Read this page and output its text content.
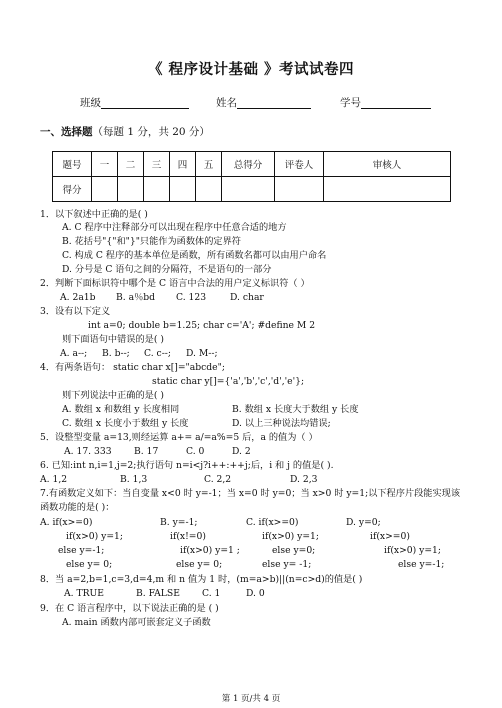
《 程序设计基础 》考试试卷四
班级	姓名	学号
一、选择题（每题 1 分，共 20 分）
题号	一	二	三	四	五	总得分	评卷人	审核人
得分								
1．以下叙述中正确的是( )
A. C 程序中注释部分可以出现在程序中任意合适的地方
B. 花括号"{"和"}"只能作为函数体的定界符
C. 构成 C 程序的基本单位是函数，所有函数名都可以由用户命名
D. 分号是 C 语句之间的分隔符，不是语句的一部分
2．判断下面标识符中哪个是 C 语言中合法的用户定义标识符（ ）
A. 2a1b B. a％bd C. 123	D. char
3．设有以下定义
int a=0; double b=1.25; char c='A'; #define M 2
则下面语句中错误的是( )
A. a--; B. b--; C. c--; D. M--;
4．有两条语句： static char x[]="abcde";
static char y[]={'a','b','c','d','e'};
则下列说法中正确的是( )
A. 数组 x 和数组 y 长度相同	B. 数组 x 长度大于数组 y 长度
C. 数组 x 长度小于数组 y 长度	D. 以上三种说法均错误;
5．设整型变量 a=13,则经运算 a+= a/=a%=5 后，a 的值为（ ）
A. 17. 333 B. 17	C. 0	D. 2
6. 已知:int n,i=1,j=2;执行语句 n=i<j?i++:++j;后，i 和 j 的值是( ).
A. 1,2	B. 1,3	C. 2,2	D. 2,3
7.有函数定义如下：当自变量 x<0 时 y=-1；当 x=0 时 y=0；当 x>0 时 y=1;以下程序片段能实现该
函数功能的是( )：
A. if(x>=0)
if(x>0) y=1;
else y=-1;
else y= 0;
B. y=-1;
if(x!=0)
if(x>0) y=1 ;
else y= 0;
C. if(x>=0)
if(x>0) y=1;
else y=0;
else y= -1;
D. y=0;
if(x>=0)
if(x>0) y=1;
else y=-1;
8．当 a=2,b=1,c=3,d=4,m 和 n 值为 1 时，(m=a>b)||(n=c>d)的值是( )
A. TRUE	B. FALSE C. 1	D. 0
9．在 C 语言程序中，以下说法正确的是 ( )
A. main 函数内部可嵌套定义子函数
第 1 页/共 4 页
